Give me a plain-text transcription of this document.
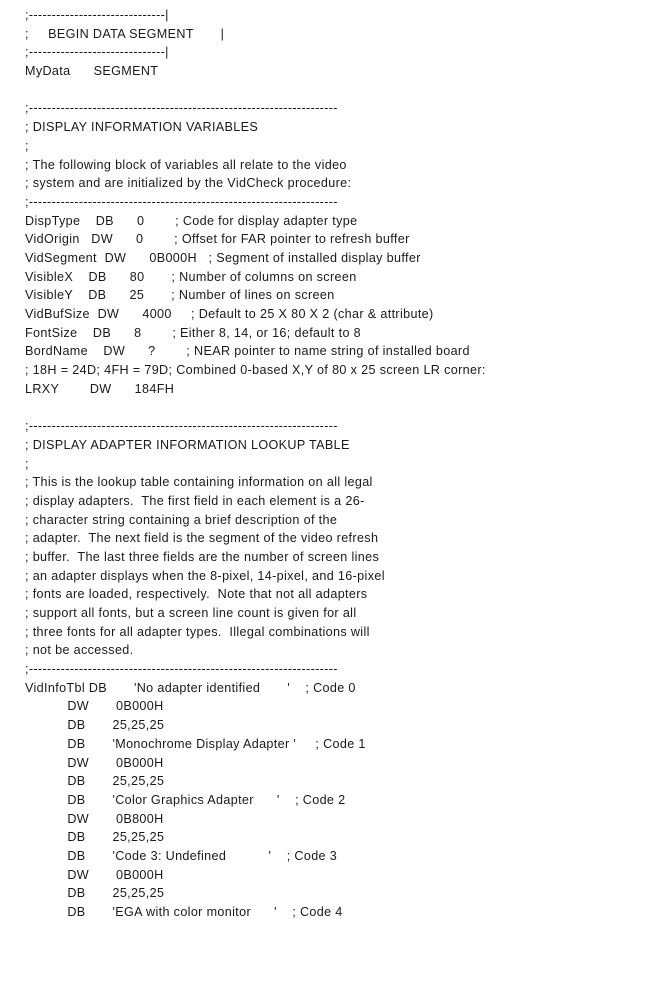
;------------------------------|
;     BEGIN DATA SEGMENT       |
;------------------------------|
MyData      SEGMENT
;--------------------------------------------------------------------
; DISPLAY INFORMATION VARIABLES
;
; The following block of variables all relate to the video
; system and are initialized by the VidCheck procedure:
;--------------------------------------------------------------------
DispType    DB      0        ; Code for display adapter type
VidOrigin   DW      0        ; Offset for FAR pointer to refresh buffer
VidSegment  DW      0B000H   ; Segment of installed display buffer
VisibleX    DB      80       ; Number of columns on screen
VisibleY    DB      25       ; Number of lines on screen
VidBufSize  DW      4000     ; Default to 25 X 80 X 2 (char & attribute)
FontSize    DB      8        ; Either 8, 14, or 16; default to 8
BordName    DW      ?        ; NEAR pointer to name string of installed board
; 18H = 24D; 4FH = 79D; Combined 0-based X,Y of 80 x 25 screen LR corner:
LRXY        DW      184FH
;--------------------------------------------------------------------
; DISPLAY ADAPTER INFORMATION LOOKUP TABLE
;
; This is the lookup table containing information on all legal
; display adapters.  The first field in each element is a 26-
; character string containing a brief description of the
; adapter.  The next field is the segment of the video refresh
; buffer.  The last three fields are the number of screen lines
; an adapter displays when the 8-pixel, 14-pixel, and 16-pixel
; fonts are loaded, respectively.  Note that not all adapters
; support all fonts, but a screen line count is given for all
; three fonts for all adapter types.  Illegal combinations will
; not be accessed.
;--------------------------------------------------------------------
VidInfoTbl DB       'No adapter identified       '    ; Code 0
DW       0B000H
DB       25,25,25
DB       'Monochrome Display Adapter '     ; Code 1
DW       0B000H
DB       25,25,25
DB       'Color Graphics Adapter      '    ; Code 2
DW       0B800H
DB       25,25,25
DB       'Code 3: Undefined           '    ; Code 3
DW       0B000H
DB       25,25,25
DB       'EGA with color monitor      '    ; Code 4
